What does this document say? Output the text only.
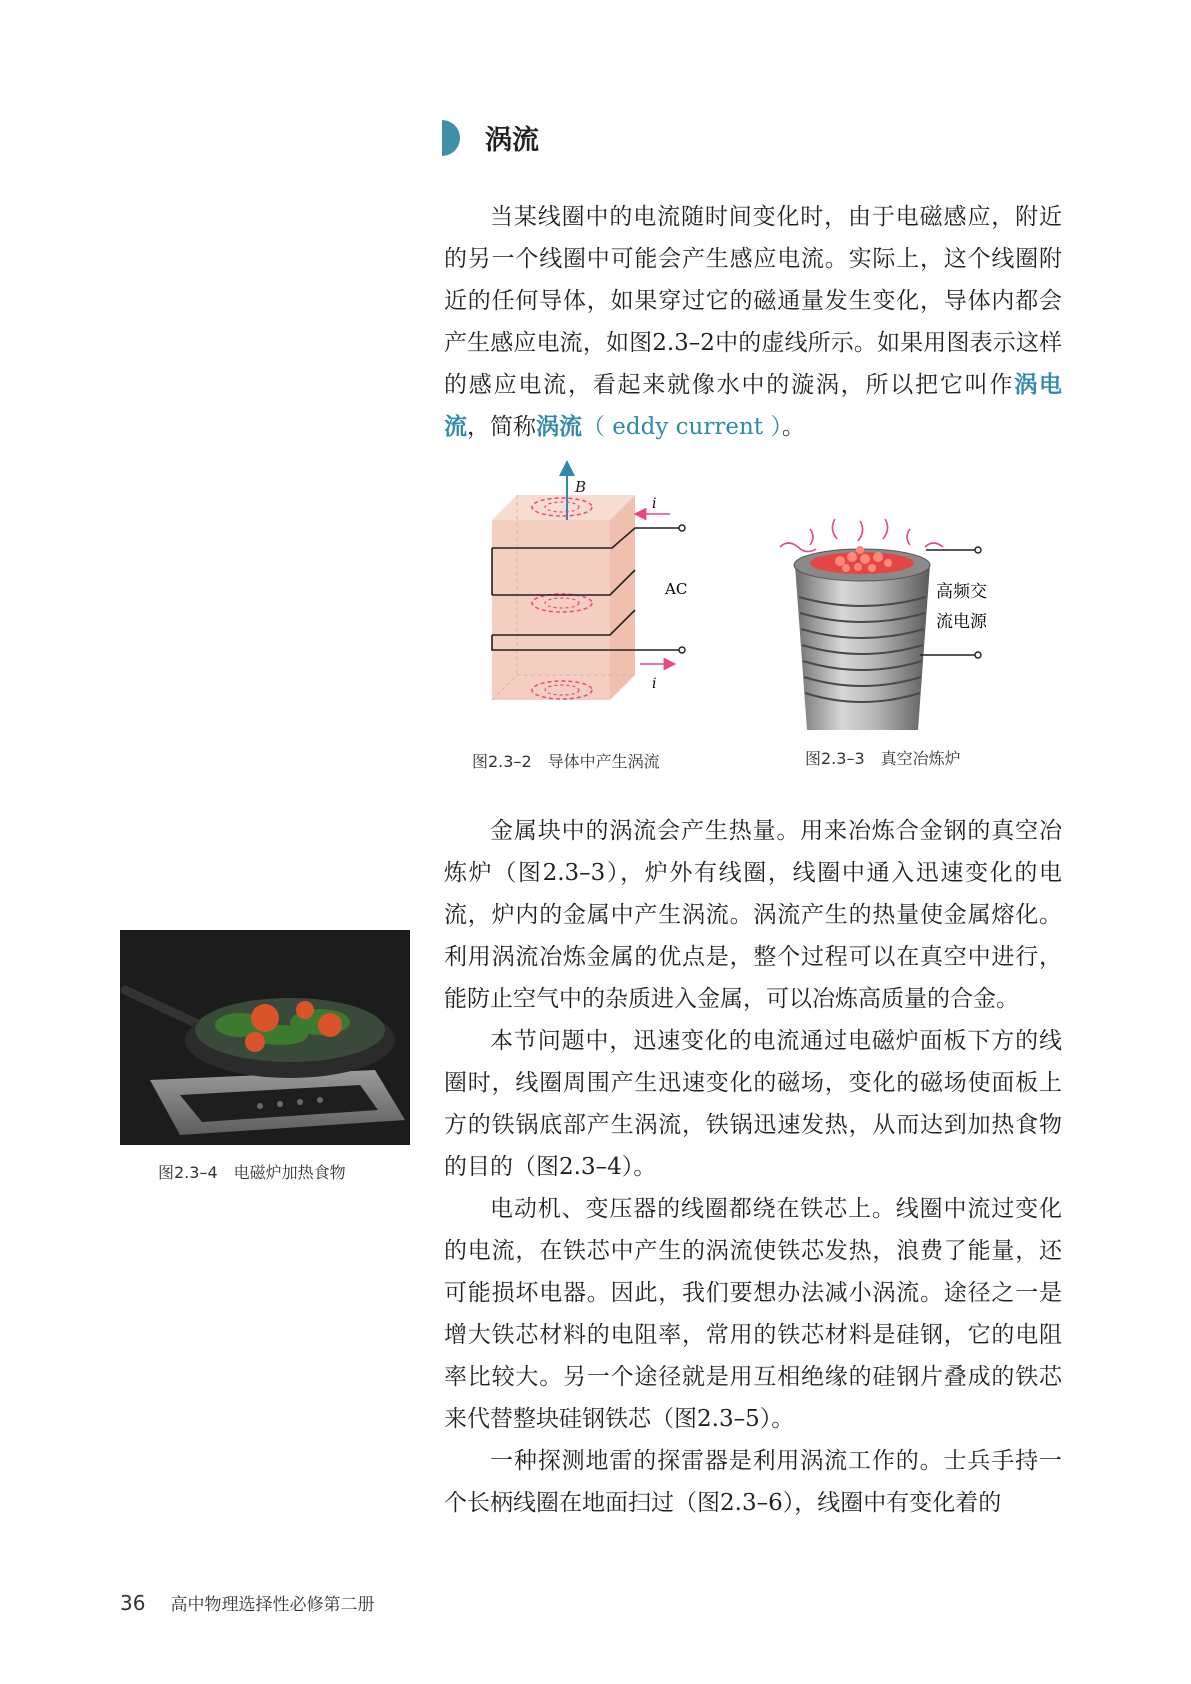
涡流

当某线圈中的电流随时间变化时，由于电磁感应，附近的另一个线圈中可能会产生感应电流。实际上，这个线圈附近的任何导体，如果穿过它的磁通量发生变化，导体内都会产生感应电流，如图2.3–2中的虚线所示。如果用图表示这样的感应电流，看起来就像水中的漩涡，所以把它叫作涡电流，简称涡流（ eddy current ）。

B
i
i
AC
图2.3–2 导体中产生涡流
高频交
流电源
图2.3–3 真空冶炼炉

金属块中的涡流会产生热量。用来冶炼合金钢的真空冶炼炉（图2.3–3），炉外有线圈，线圈中通入迅速变化的电流，炉内的金属中产生涡流。涡流产生的热量使金属熔化。利用涡流冶炼金属的优点是，整个过程可以在真空中进行，能防止空气中的杂质进入金属，可以冶炼高质量的合金。

本节问题中，迅速变化的电流通过电磁炉面板下方的线圈时，线圈周围产生迅速变化的磁场，变化的磁场使面板上方的铁锅底部产生涡流，铁锅迅速发热，从而达到加热食物的目的（图2.3–4）。

电动机、变压器的线圈都绕在铁芯上。线圈中流过变化的电流，在铁芯中产生的涡流使铁芯发热，浪费了能量，还可能损坏电器。因此，我们要想办法减小涡流。途径之一是增大铁芯材料的电阻率，常用的铁芯材料是硅钢，它的电阻率比较大。另一个途径就是用互相绝缘的硅钢片叠成的铁芯来代替整块硅钢铁芯（图2.3–5）。

一种探测地雷的探雷器是利用涡流工作的。士兵手持一个长柄线圈在地面扫过（图2.3–6），线圈中有变化着的

图2.3–4 电磁炉加热食物
36 高中物理选择性必修第二册
